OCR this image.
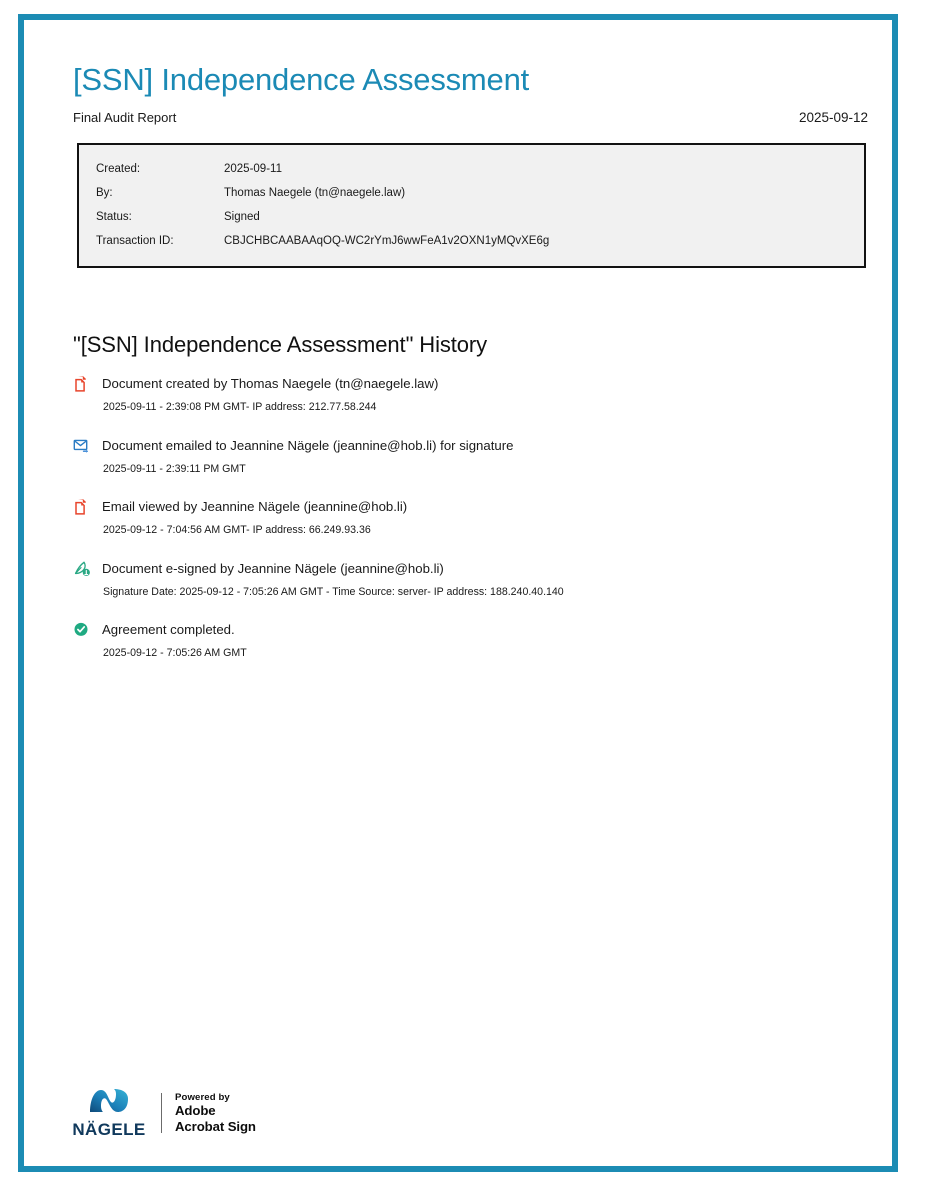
[SSN] Independence Assessment
Final Audit Report	2025-09-12
Created:	2025-09-11
By:	Thomas Naegele (tn@naegele.law)
Status:	Signed
Transaction ID:	CBJCHBCAABAAqOQ-WC2rYmJ6wwFeA1v2OXN1yMQvXE6g
"[SSN] Independence Assessment" History
Document created by Thomas Naegele (tn@naegele.law)
2025-09-11 - 2:39:08 PM GMT- IP address: 212.77.58.244
Document emailed to Jeannine Nägele (jeannine@hob.li) for signature
2025-09-11 - 2:39:11 PM GMT
Email viewed by Jeannine Nägele (jeannine@hob.li)
2025-09-12 - 7:04:56 AM GMT- IP address: 66.249.93.36
Document e-signed by Jeannine Nägele (jeannine@hob.li)
Signature Date: 2025-09-12 - 7:05:26 AM GMT - Time Source: server- IP address: 188.240.40.140
Agreement completed.
2025-09-12 - 7:05:26 AM GMT
NÄGELE
Powered by
Adobe
Acrobat Sign
